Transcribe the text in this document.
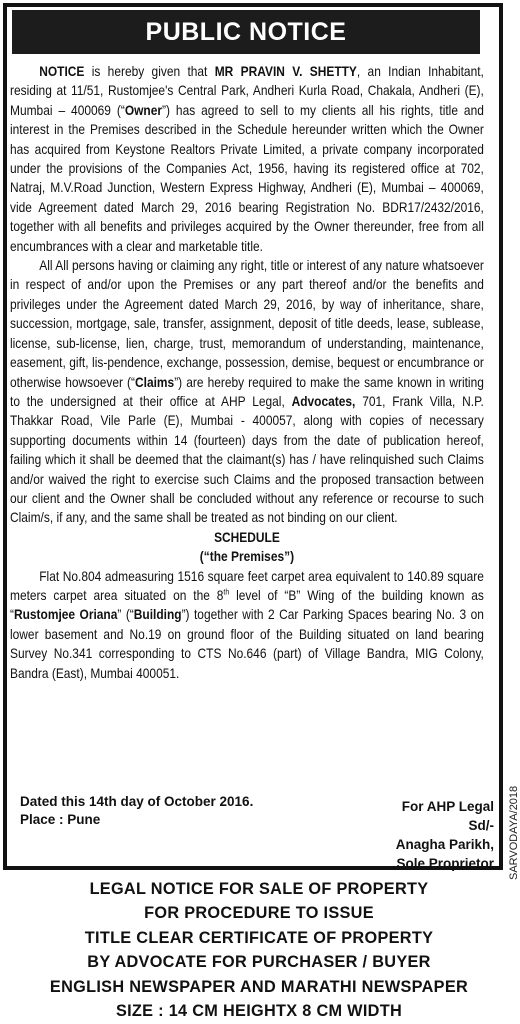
PUBLIC NOTICE

NOTICE is hereby given that MR PRAVIN V. SHETTY, an Indian Inhabitant, residing at 11/51, Rustomjee's Central Park, Andheri Kurla Road, Chakala, Andheri (E), Mumbai – 400069 (“Owner”) has agreed to sell to my clients all his rights, title and interest in the Premises described in the Schedule hereunder written which the Owner has acquired from Keystone Realtors Private Limited, a private company incorporated under the provisions of the Companies Act, 1956, having its registered office at 702, Natraj, M.V.Road Junction, Western Express Highway, Andheri (E), Mumbai – 400069, vide Agreement dated March 29, 2016 bearing Registration No. BDR17/2432/2016, together with all benefits and privileges acquired by the Owner thereunder, free from all encumbrances with a clear and marketable title.

All All persons having or claiming any right, title or interest of any nature whatsoever in respect of and/or upon the Premises or any part thereof and/or the benefits and privileges under the Agreement dated March 29, 2016, by way of inheritance, share, succession, mortgage, sale, transfer, assignment, deposit of title deeds, lease, sublease, license, sub-license, lien, charge, trust, memorandum of understanding, maintenance, easement, gift, lis-pendence, exchange, possession, demise, bequest or encumbrance or otherwise howsoever (“Claims”) are hereby required to make the same known in writing to the undersigned at their office at AHP Legal, Advocates, 701, Frank Villa, N.P. Thakkar Road, Vile Parle (E), Mumbai - 400057, along with copies of necessary supporting documents within 14 (fourteen) days from the date of publication hereof, failing which it shall be deemed that the claimant(s) has / have relinquished such Claims and/or waived the right to exercise such Claims and the proposed transaction between our client and the Owner shall be concluded without any reference or recourse to such Claim/s, if any, and the same shall be treated as not binding on our client.

SCHEDULE

(“the Premises”)

Flat No.804 admeasuring 1516 square feet carpet area equivalent to 140.89 square meters carpet area situated on the 8th level of “B” Wing of the building known as “Rustomjee Oriana” (“Building”) together with 2 Car Parking Spaces bearing No. 3 on lower basement and No.19 on ground floor of the Building situated on land bearing Survey No.341 corresponding to CTS No.646 (part) of Village Bandra, MIG Colony, Bandra (East), Mumbai 400051.

Dated this 14th day of October 2016.
Place : Pune
For AHP Legal
Sd/-
Anagha Parikh,
Sole Proprietor SARVODAYA/2018
LEGAL NOTICE FOR SALE OF PROPERTY
FOR PROCEDURE TO ISSUE
TITLE CLEAR CERTIFICATE OF PROPERTY
BY ADVOCATE FOR PURCHASER / BUYER
ENGLISH NEWSPAPER AND MARATHI NEWSPAPER
SIZE : 14 CM HEIGHTX 8 CM WIDTH
